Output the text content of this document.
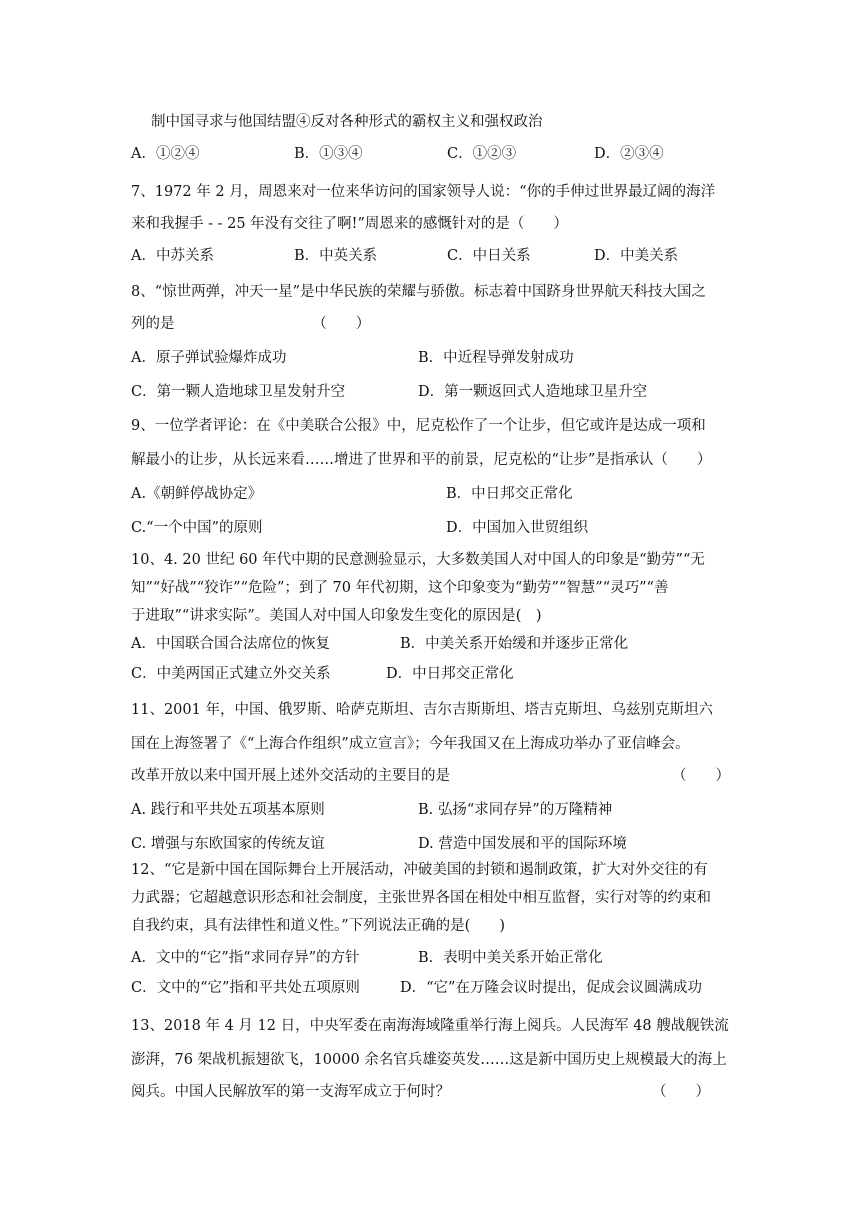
制中国寻求与他国结盟④反对各种形式的霸权主义和强权政治
A．①②④	B．①③④	C．①②③	D．②③④
7、1972 年 2 月，周恩来对一位来华访问的国家领导人说：“你的手伸过世界最辽阔的海洋
来和我握手 - - 25 年没有交往了啊!”周恩来的感慨针对的是（　　）
A．中苏关系	B．中英关系	C．中日关系	D．中美关系
8、“惊世两弹，冲天一星”是中华民族的荣耀与骄傲。标志着中国跻身世界航天科技大国之
列的是　　　　　　　　　　（　　）
A．原子弹试验爆炸成功	B．中近程导弹发射成功
C．第一颗人造地球卫星发射升空	D．第一颗返回式人造地球卫星升空
9、一位学者评论：在《中美联合公报》中，尼克松作了一个让步，但它或许是达成一项和
解最小的让步，从长远来看……增进了世界和平的前景，尼克松的“让步”是指承认（　　）
A.《朝鲜停战协定》	B．中日邦交正常化
C.“一个中国”的原则	D．中国加入世贸组织
10、4. 20 世纪 60 年代中期的民意测验显示，大多数美国人对中国人的印象是“勤劳”“无
知”“好战”“狡诈”“危险”；到了 70 年代初期，这个印象变为“勤劳”“智慧”“灵巧”“善
于进取”“讲求实际”。美国人对中国人印象发生变化的原因是(　)
A．中国联合国合法席位的恢复	B．中美关系开始缓和并逐步正常化
C．中美两国正式建立外交关系	D．中日邦交正常化
11、2001 年，中国、俄罗斯、哈萨克斯坦、吉尔吉斯斯坦、塔吉克斯坦、乌兹别克斯坦六
国在上海签署了《“上海合作组织”成立宣言》；今年我国又在上海成功举办了亚信峰会。
改革开放以来中国开展上述外交活动的主要目的是	（　　）
A. 践行和平共处五项基本原则	B. 弘扬“求同存异”的万隆精神
C. 增强与东欧国家的传统友谊	D. 营造中国发展和平的国际环境
12、“它是新中国在国际舞台上开展活动，冲破美国的封锁和遏制政策，扩大对外交往的有
力武器；它超越意识形态和社会制度，主张世界各国在相处中相互监督，实行对等的约束和
自我约束，具有法律性和道义性。”下列说法正确的是(　　)
A．文中的“它”指“求同存异”的方针	B．表明中美关系开始正常化
C．文中的“它”指和平共处五项原则	D．“它”在万隆会议时提出，促成会议圆满成功
13、2018 年 4 月 12 日，中央军委在南海海域隆重举行海上阅兵。人民海军 48 艘战舰铁流
澎湃，76 架战机振翅欲飞，10000 余名官兵雄姿英发……这是新中国历史上规模最大的海上
阅兵。中国人民解放军的第一支海军成立于何时？	（　　）
